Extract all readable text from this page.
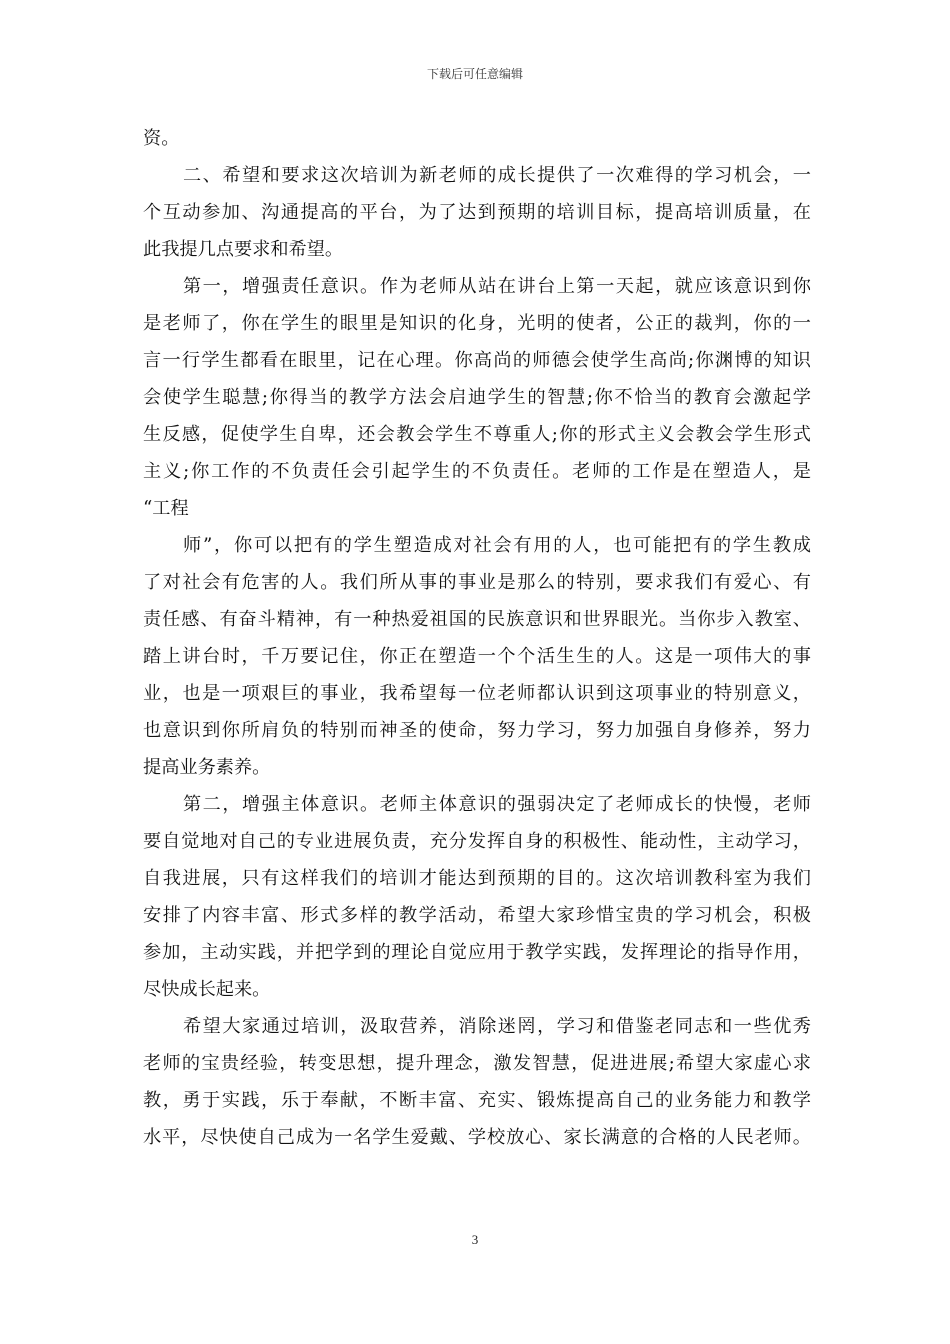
下载后可任意编辑
资。
二、希望和要求这次培训为新老师的成长提供了一次难得的学习机会，一
个互动参加、沟通提高的平台，为了达到预期的培训目标，提高培训质量，在
此我提几点要求和希望。
第一，增强责任意识。作为老师从站在讲台上第一天起，就应该意识到你
是老师了，你在学生的眼里是知识的化身，光明的使者，公正的裁判，你的一
言一行学生都看在眼里，记在心理。你高尚的师德会使学生高尚;你渊博的知识
会使学生聪慧;你得当的教学方法会启迪学生的智慧;你不恰当的教育会激起学
生反感，促使学生自卑，还会教会学生不尊重人;你的形式主义会教会学生形式
主义;你工作的不负责任会引起学生的不负责任。老师的工作是在塑造人，是
“工程
师”，你可以把有的学生塑造成对社会有用的人，也可能把有的学生教成
了对社会有危害的人。我们所从事的事业是那么的特别，要求我们有爱心、有
责任感、有奋斗精神，有一种热爱祖国的民族意识和世界眼光。当你步入教室、
踏上讲台时，千万要记住，你正在塑造一个个活生生的人。这是一项伟大的事
业，也是一项艰巨的事业，我希望每一位老师都认识到这项事业的特别意义，
也意识到你所肩负的特别而神圣的使命，努力学习，努力加强自身修养，努力
提高业务素养。
第二，增强主体意识。老师主体意识的强弱决定了老师成长的快慢，老师
要自觉地对自己的专业进展负责，充分发挥自身的积极性、能动性，主动学习，
自我进展，只有这样我们的培训才能达到预期的目的。这次培训教科室为我们
安排了内容丰富、形式多样的教学活动，希望大家珍惜宝贵的学习机会，积极
参加，主动实践，并把学到的理论自觉应用于教学实践，发挥理论的指导作用，
尽快成长起来。
希望大家通过培训，汲取营养，消除迷罔，学习和借鉴老同志和一些优秀
老师的宝贵经验，转变思想，提升理念，激发智慧，促进进展;希望大家虚心求
教，勇于实践，乐于奉献，不断丰富、充实、锻炼提高自己的业务能力和教学
水平，尽快使自己成为一名学生爱戴、学校放心、家长满意的合格的人民老师。
3
